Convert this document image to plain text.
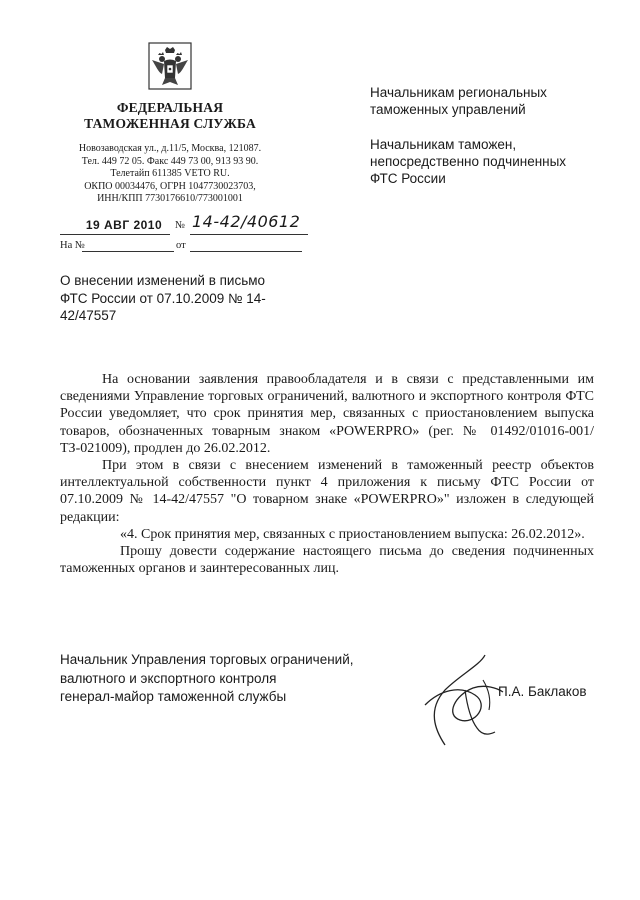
ФЕДЕРАЛЬНАЯ
ТАМОЖЕННАЯ СЛУЖБА
Новозаводская ул., д.11/5, Москва, 121087.
Тел. 449 72 05. Факс 449 73 00, 913 93 90.
Телетайп 611385 VETO RU.
ОКПО 00034476, ОГРН 1047730023703,
ИНН/КПП 7730176610/773001001

Начальникам региональных

таможенных управлений

Начальникам таможен,

непосредственно подчиненных

ФТС России

19 АВГ 2010	№ 14-42/40612
На №	от
О внесении изменений в письмо
ФТС России от 07.10.2009 № 14-
42/47557

На основании заявления правообладателя и в связи с представленными им сведениями Управление торговых ограничений, валютного и экспортного контроля ФТС России уведомляет, что срок принятия мер, связанных с приостановлением выпуска товаров, обозначенных товарным знаком «POWERPRO» (рег. № 01492/01016-001/ТЗ-021009), продлен до 26.02.2012.

При этом в связи с внесением изменений в таможенный реестр объектов интеллектуальной собственности пункт 4 приложения к письму ФТС России от 07.10.2009 № 14-42/47557 "О товарном знаке «POWERPRO»" изложен в следующей редакции:

«4. Срок принятия мер, связанных с приостановлением выпуска: 26.02.2012».

Прошу довести содержание настоящего письма до сведения подчиненных таможенных органов и заинтересованных лиц.

Начальник Управления торговых ограничений,
валютного и экспортного контроля
генерал-майор таможенной службы	П.А. Баклаков
